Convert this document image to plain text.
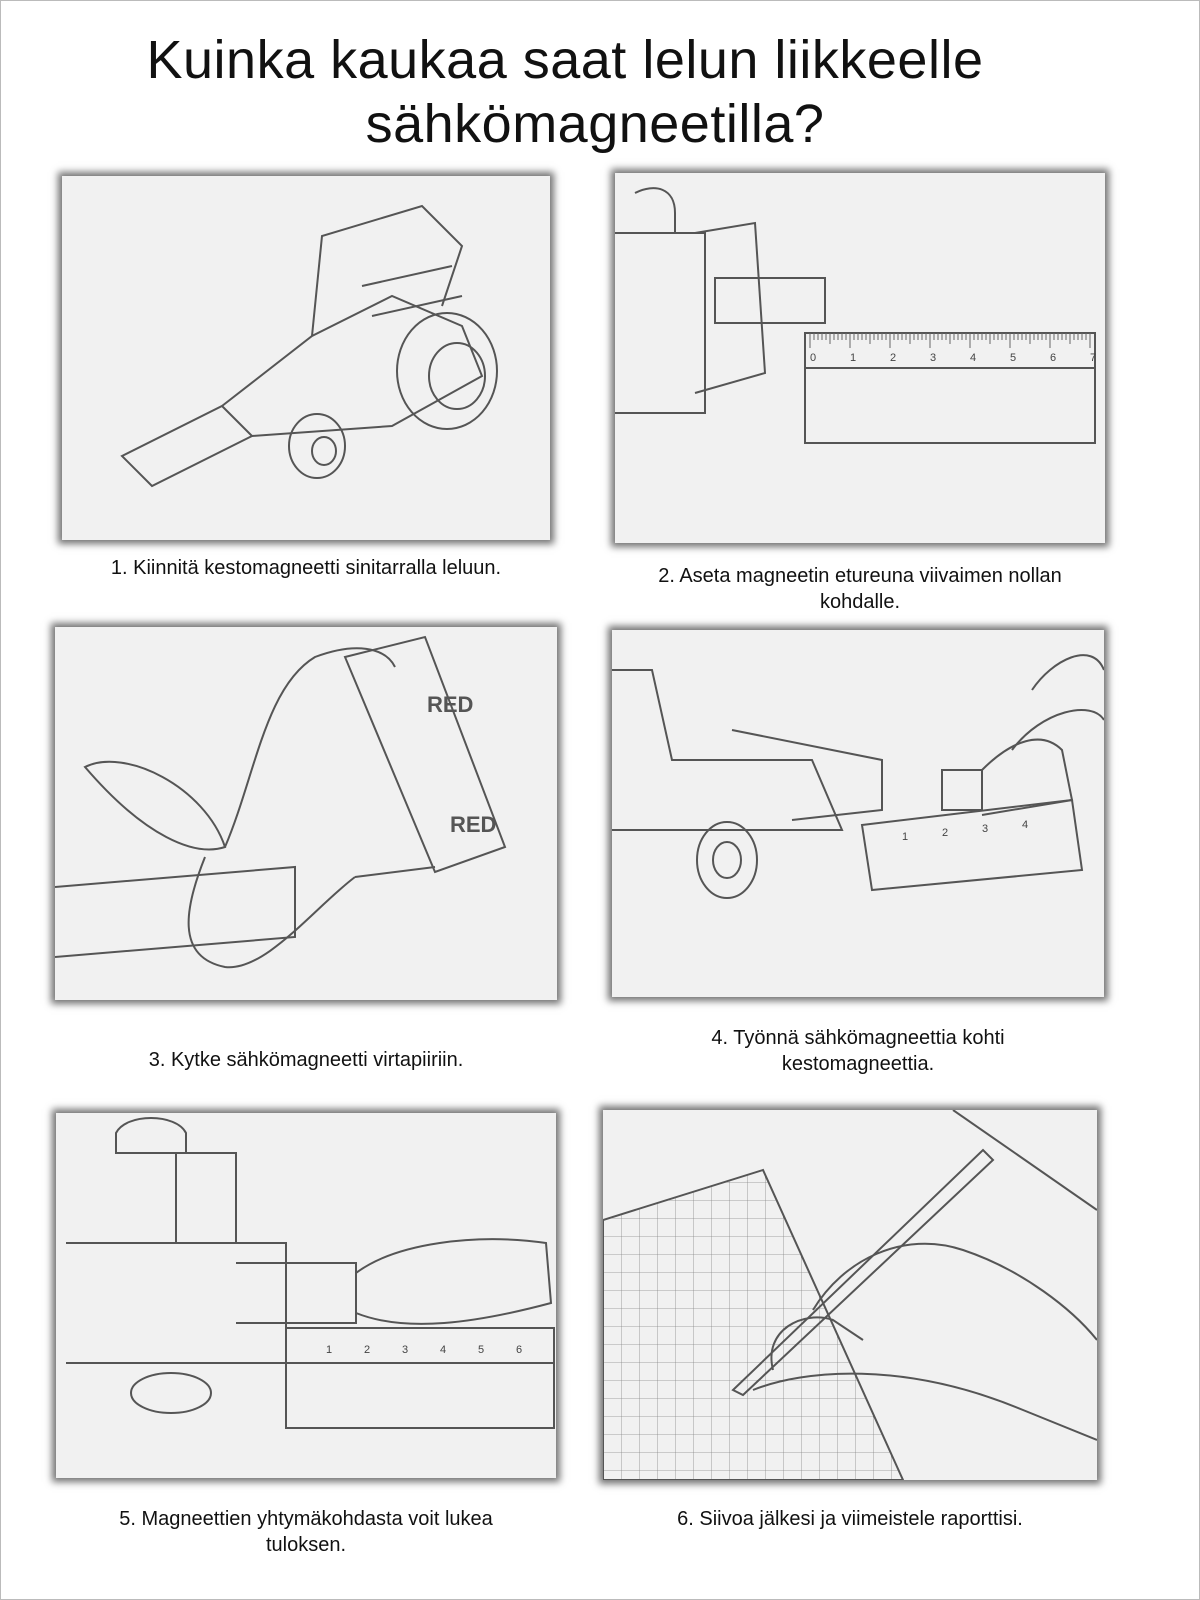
Kuinka kaukaa saat lelun liikkeelle
sähkömagneetilla?
1. Kiinnitä kestomagneetti sinitarralla leluun.
0	1	2	3	4	5	6	7
2. Aseta magneetin etureuna viivaimen nollan
kohdalle.
RED
RED
3. Kytke sähkömagneetti virtapiiriin.
1	2	3	4
4. Työnnä sähkömagneettia kohti
kestomagneettia.
1	2	3	4	5	6
5. Magneettien yhtymäkohdasta voit lukea
tuloksen.
6. Siivoa jälkesi ja viimeistele raporttisi.
